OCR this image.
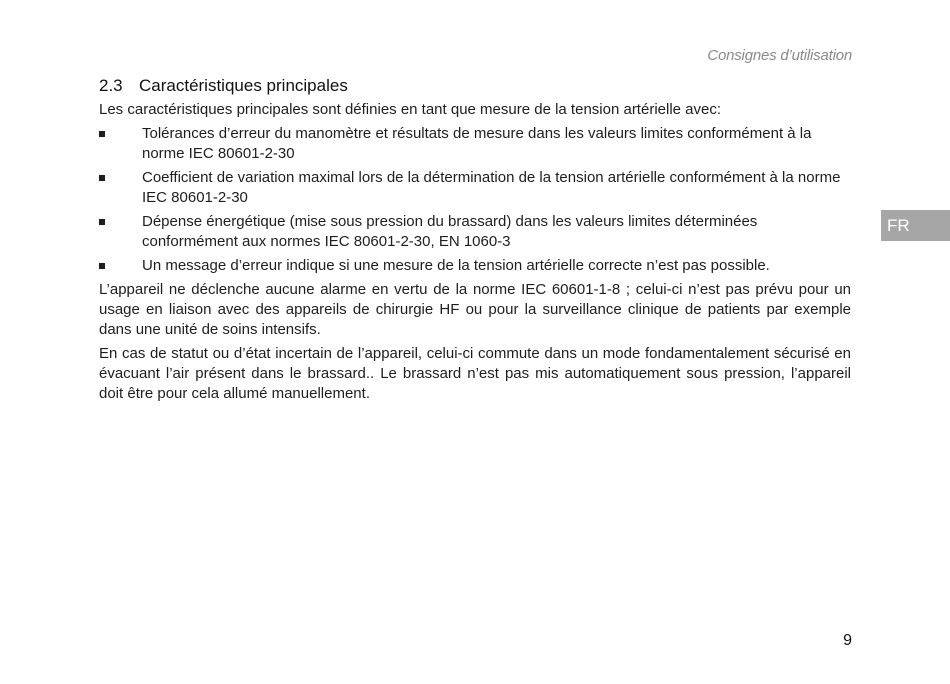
Consignes d’utilisation
FR
2.3 Caractéristiques principales

Les caractéristiques principales sont définies en tant que mesure de la tension artérielle avec:

Tolérances d’erreur du manomètre et résultats de mesure dans les valeurs limites conformément à la norme IEC 80601-2-30
Coefficient de variation maximal lors de la détermination de la tension artérielle conformément à la norme IEC 80601-2-30
Dépense énergétique (mise sous pression du brassard) dans les valeurs limites déterminées conformément aux normes IEC 80601-2-30, EN 1060-3
Un message d’erreur indique si une mesure de la tension artérielle correcte n’est pas possible.

L’appareil ne déclenche aucune alarme en vertu de la norme IEC 60601-1-8 ; celui-ci n’est pas prévu pour un usage en liaison avec des appareils de chirurgie HF ou pour la surveillance clinique de patients par exemple dans une unité de soins intensifs.

En cas de statut ou d’état incertain de l’appareil, celui-ci commute dans un mode fondamentalement sécurisé en évacuant l’air présent dans le brassard.. Le brassard n’est pas mis automatiquement sous pression, l’appareil doit être pour cela allumé manuellement.

9
